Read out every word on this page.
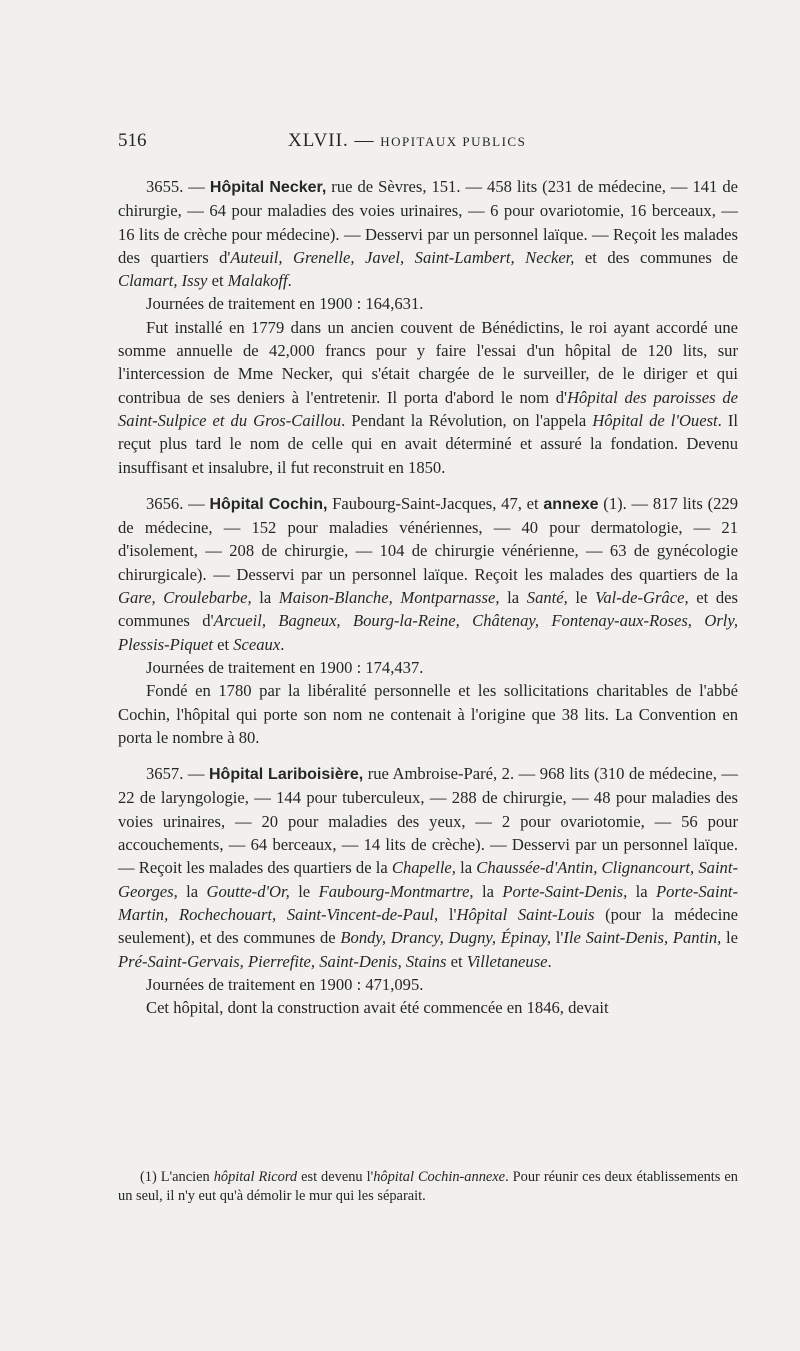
516	XLVII. — HOPITAUX PUBLICS

3655. — Hôpital Necker, rue de Sèvres, 151. — 458 lits (231 de médecine, — 141 de chirurgie, — 64 pour maladies des voies urinaires, — 6 pour ovariotomie, 16 berceaux, — 16 lits de crèche pour médecine). — Desservi par un personnel laïque. — Reçoit les malades des quartiers d'Auteuil, Grenelle, Javel, Saint-Lambert, Necker, et des communes de Clamart, Issy et Malakoff.

Journées de traitement en 1900 : 164,631.

Fut installé en 1779 dans un ancien couvent de Bénédictins, le roi ayant accordé une somme annuelle de 42,000 francs pour y faire l'essai d'un hôpital de 120 lits, sur l'intercession de Mme Necker, qui s'était chargée de le surveiller, de le diriger et qui contribua de ses deniers à l'entretenir. Il porta d'abord le nom d'Hôpital des paroisses de Saint-Sulpice et du Gros-Caillou. Pendant la Révolution, on l'appela Hôpital de l'Ouest. Il reçut plus tard le nom de celle qui en avait déterminé et assuré la fondation. Devenu insuffisant et insalubre, il fut reconstruit en 1850.

3656. — Hôpital Cochin, Faubourg-Saint-Jacques, 47, et annexe (1). — 817 lits (229 de médecine, — 152 pour maladies vénériennes, — 40 pour dermatologie, — 21 d'isolement, — 208 de chirurgie, — 104 de chirurgie vénérienne, — 63 de gynécologie chirurgicale). — Desservi par un personnel laïque. Reçoit les malades des quartiers de la Gare, Croulebarbe, la Maison-Blanche, Montparnasse, la Santé, le Val-de-Grâce, et des communes d'Arcueil, Bagneux, Bourg-la-Reine, Châtenay, Fontenay-aux-Roses, Orly, Plessis-Piquet et Sceaux.

Journées de traitement en 1900 : 174,437.

Fondé en 1780 par la libéralité personnelle et les sollicitations charitables de l'abbé Cochin, l'hôpital qui porte son nom ne contenait à l'origine que 38 lits. La Convention en porta le nombre à 80.

3657. — Hôpital Lariboisière, rue Ambroise-Paré, 2. — 968 lits (310 de médecine, — 22 de laryngologie, — 144 pour tuberculeux, — 288 de chirurgie, — 48 pour maladies des voies urinaires, — 20 pour maladies des yeux, — 2 pour ovariotomie, — 56 pour accouchements, — 64 berceaux, — 14 lits de crèche). — Desservi par un personnel laïque. — Reçoit les malades des quartiers de la Chapelle, la Chaussée-d'Antin, Clignancourt, Saint-Georges, la Goutte-d'Or, le Faubourg-Montmartre, la Porte-Saint-Denis, la Porte-Saint-Martin, Rochechouart, Saint-Vincent-de-Paul, l'Hôpital Saint-Louis (pour la médecine seulement), et des communes de Bondy, Drancy, Dugny, Épinay, l'Ile Saint-Denis, Pantin, le Pré-Saint-Gervais, Pierrefite, Saint-Denis, Stains et Villetaneuse.

Journées de traitement en 1900 : 471,095.

Cet hôpital, dont la construction avait été commencée en 1846, devait

(1) L'ancien hôpital Ricord est devenu l'hôpital Cochin-annexe. Pour réunir ces deux établissements en un seul, il n'y eut qu'à démolir le mur qui les séparait.
